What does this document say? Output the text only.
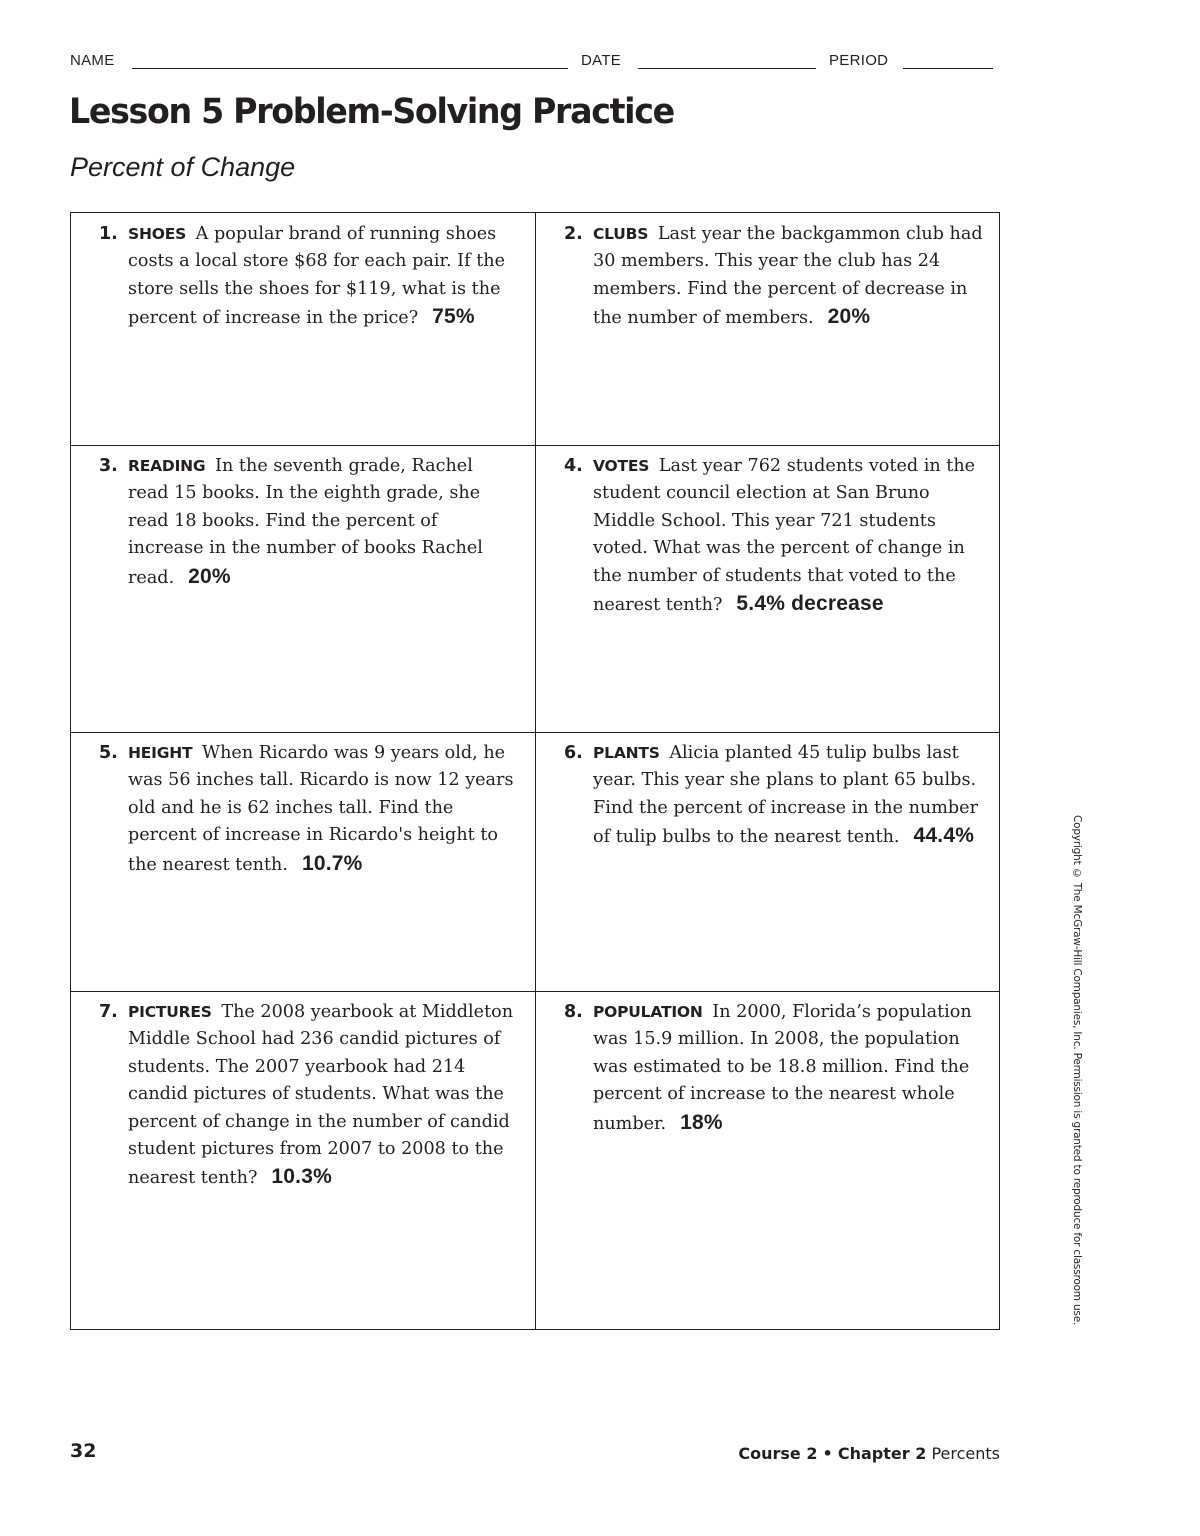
NAME	DATE	PERIOD
Lesson 5 Problem-Solving Practice
Percent of Change

1. SHOES A popular brand of running shoes costs a local store $68 for each pair. If the store sells the shoes for $119, what is the percent of increase in the price? 75%

2. CLUBS Last year the backgammon club had 30 members. This year the club has 24 members. Find the percent of decrease in the number of members. 20%

3. READING In the seventh grade, Rachel read 15 books. In the eighth grade, she read 18 books. Find the percent of increase in the number of books Rachel read. 20%

4. VOTES Last year 762 students voted in the student council election at San Bruno Middle School. This year 721 students voted. What was the percent of change in the number of students that voted to the nearest tenth? 5.4% decrease

5. HEIGHT When Ricardo was 9 years old, he was 56 inches tall. Ricardo is now 12 years old and he is 62 inches tall. Find the percent of increase in Ricardo's height to the nearest tenth. 10.7%

6. PLANTS Alicia planted 45 tulip bulbs last year. This year she plans to plant 65 bulbs. Find the percent of increase in the number of tulip bulbs to the nearest tenth. 44.4%

7. PICTURES The 2008 yearbook at Middleton Middle School had 236 candid pictures of students. The 2007 yearbook had 214 candid pictures of students. What was the percent of change in the number of candid student pictures from 2007 to 2008 to the nearest tenth? 10.3%

8. POPULATION In 2000, Florida’s population was 15.9 million. In 2008, the population was estimated to be 18.8 million. Find the percent of increase to the nearest whole number. 18%	Copyright © The McGraw-Hill Companies, Inc. Permission is granted to reproduce for classroom use.
32	Course 2 • Chapter 2 Percents
